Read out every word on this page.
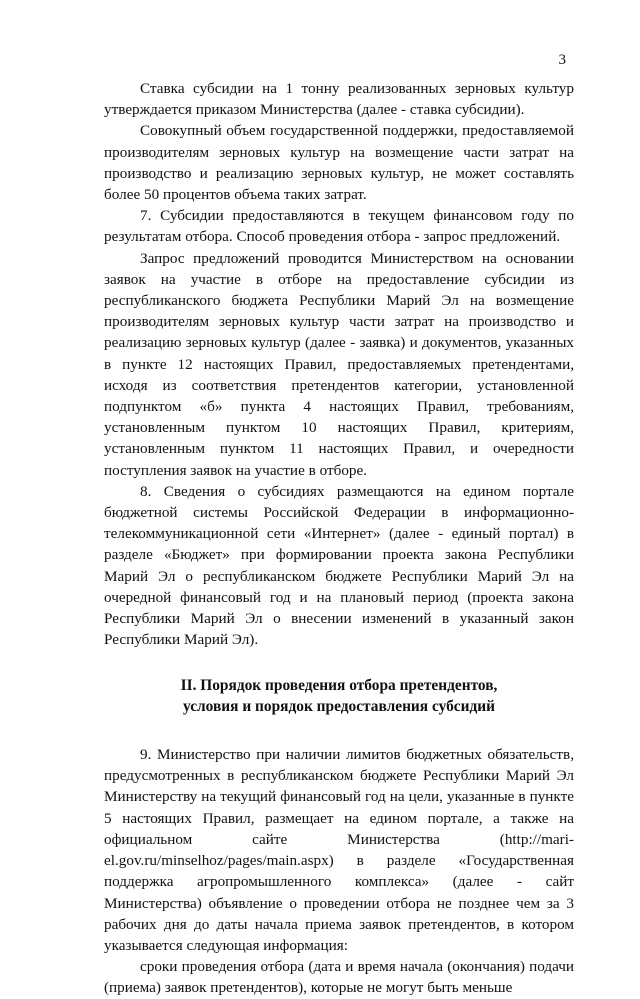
3

Ставка субсидии на 1 тонну реализованных зерновых культур утверждается приказом Министерства (далее - ставка субсидии).

Совокупный объем государственной поддержки, предоставляемой производителям зерновых культур на возмещение части затрат на производство и реализацию зерновых культур, не может составлять более 50 процентов объема таких затрат.

7. Субсидии предоставляются в текущем финансовом году по результатам отбора. Способ проведения отбора - запрос предложений.

Запрос предложений проводится Министерством на основании заявок на участие в отборе на предоставление субсидии из республиканского бюджета Республики Марий Эл на возмещение производителям зерновых культур части затрат на производство и реализацию зерновых культур (далее - заявка) и документов, указанных в пункте 12 настоящих Правил, предоставляемых претендентами, исходя из соответствия претендентов категории, установленной подпунктом «б» пункта 4 настоящих Правил, требованиям, установленным пунктом 10 настоящих Правил, критериям, установленным пунктом 11 настоящих Правил, и очередности поступления заявок на участие в отборе.

8. Сведения о субсидиях размещаются на едином портале бюджетной системы Российской Федерации в информационно-телекоммуникационной сети «Интернет» (далее - единый портал) в разделе «Бюджет» при формировании проекта закона Республики Марий Эл о республиканском бюджете Республики Марий Эл на очередной финансовый год и на плановый период (проекта закона Республики Марий Эл о внесении изменений в указанный закон Республики Марий Эл).

II. Порядок проведения отбора претендентов,
условия и порядок предоставления субсидий

9. Министерство при наличии лимитов бюджетных обязательств, предусмотренных в республиканском бюджете Республики Марий Эл Министерству на текущий финансовый год на цели, указанные в пункте 5 настоящих Правил, размещает на едином портале, а также на официальном сайте Министерства (http://mari-el.gov.ru/minselhoz/pages/main.aspx) в разделе «Государственная поддержка агропромышленного комплекса» (далее - сайт Министерства) объявление о проведении отбора не позднее чем за 3 рабочих дня до даты начала приема заявок претендентов, в котором указывается следующая информация:

сроки проведения отбора (дата и время начала (окончания) подачи (приема) заявок претендентов), которые не могут быть меньше
